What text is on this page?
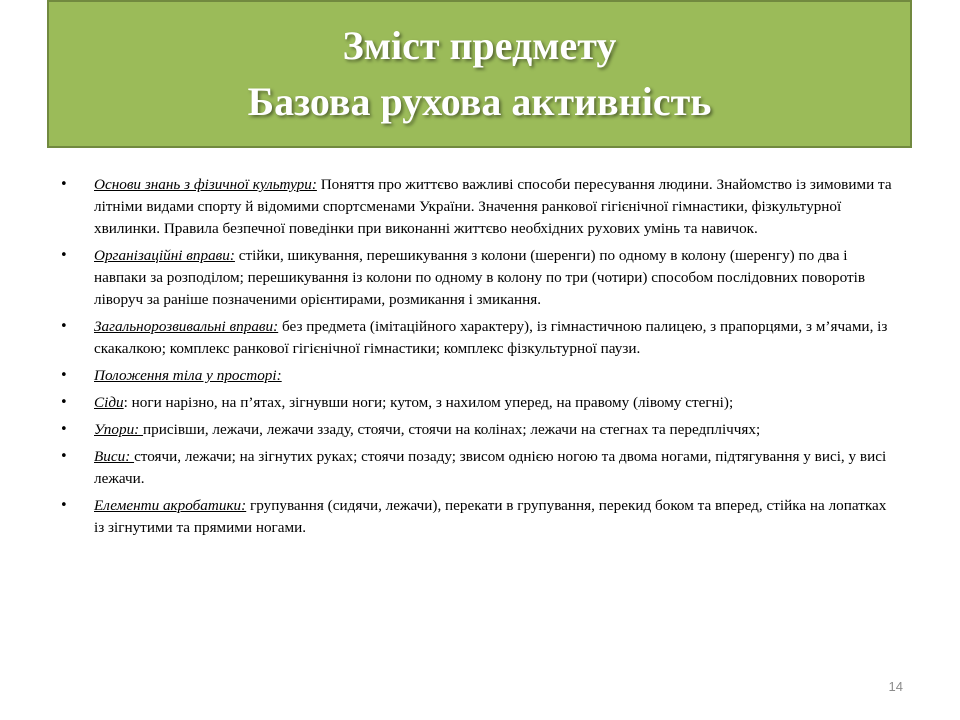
Зміст предмету
Базова рухова активність
• Основи знань з фізичної культури: Поняття про життєво важливі способи пересування людини. Знайомство із зимовими та літніми видами спорту й відомими спортсменами України. Значення ранкової гігієнічної гімнастики, фізкультурної хвилинки. Правила безпечної поведінки при виконанні життєво необхідних рухових умінь та навичок.
• Організаційні вправи: стійки, шикування, перешикування з колони (шеренги) по одному в колону (шеренгу) по два і навпаки за розподілом; перешикування із колони по одному в колону по три (чотири) способом послідовних поворотів ліворуч за раніше позначеними орієнтирами, розмикання і змикання.
• Загальнорозвивальні вправи: без предмета (імітаційного характеру), із гімнастичною палицею, з прапорцями, з м’ячами, із скакалкою; комплекс ранкової гігієнічної гімнастики; комплекс фізкультурної паузи.
• Положення тіла у просторі:
• Сіди: ноги нарізно, на п’ятах, зігнувши ноги; кутом, з нахилом уперед, на правому (лівому стегні);
• Упори: присівши, лежачи, лежачи ззаду, стоячи, стоячи на колінах; лежачи на стегнах та передпліччях;
• Виси: стоячи, лежачи; на зігнутих руках; стоячи позаду; звисом однією ногою та двома ногами, підтягування у висі, у висі лежачи.
• Елементи акробатики: групування (сидячи, лежачи), перекати в групування, перекид боком та вперед, стійка на лопатках із зігнутими та прямими ногами.
14
